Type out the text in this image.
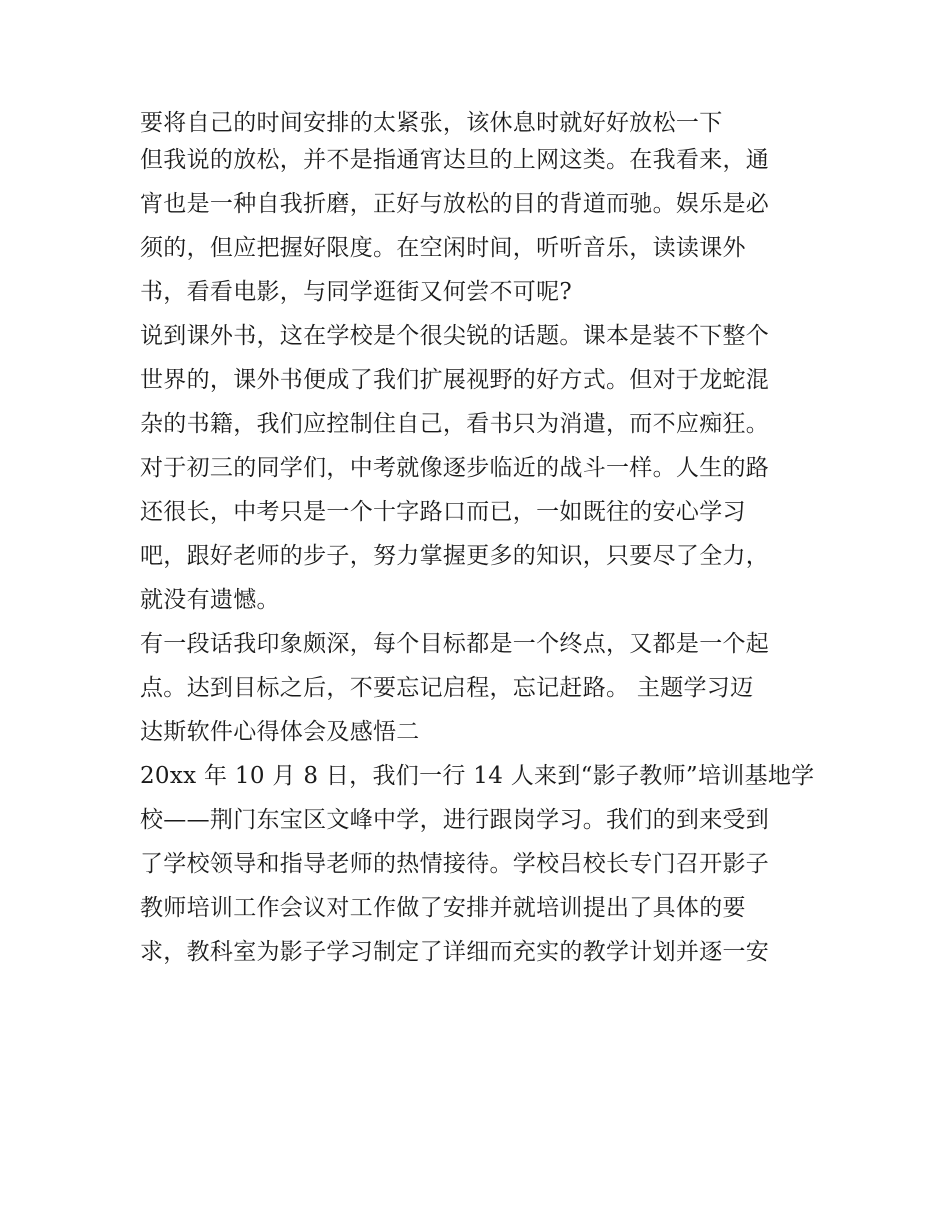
要将自己的时间安排的太紧张，该休息时就好好放松一下
但我说的放松，并不是指通宵达旦的上网这类。在我看来，通
宵也是一种自我折磨，正好与放松的目的背道而驰。娱乐是必
须的，但应把握好限度。在空闲时间，听听音乐，读读课外
书，看看电影，与同学逛街又何尝不可呢?
说到课外书，这在学校是个很尖锐的话题。课本是装不下整个
世界的，课外书便成了我们扩展视野的好方式。但对于龙蛇混
杂的书籍，我们应控制住自己，看书只为消遣，而不应痴狂。
对于初三的同学们，中考就像逐步临近的战斗一样。人生的路
还很长，中考只是一个十字路口而已，一如既往的安心学习
吧，跟好老师的步子，努力掌握更多的知识，只要尽了全力，
就没有遗憾。
有一段话我印象颇深，每个目标都是一个终点，又都是一个起
点。达到目标之后，不要忘记启程，忘记赶路。 主题学习迈
达斯软件心得体会及感悟二
20xx 年 10 月 8 日，我们一行 14 人来到“影子教师”培训基地学
校——荆门东宝区文峰中学，进行跟岗学习。我们的到来受到
了学校领导和指导老师的热情接待。学校吕校长专门召开影子
教师培训工作会议对工作做了安排并就培训提出了具体的要
求，教科室为影子学习制定了详细而充实的教学计划并逐一安
